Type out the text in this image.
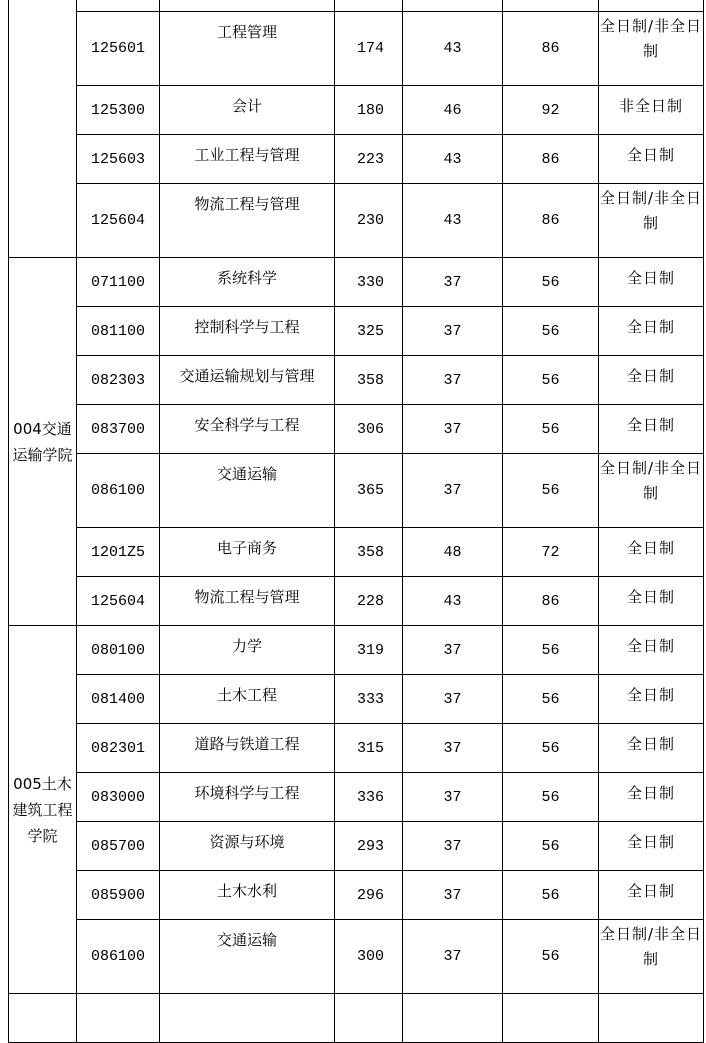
	125601	工程管理	174	43	86	全日制/非全日制
	125300	会计	180	46	92	非全日制
	125603	工业工程与管理	223	43	86	全日制
	125604	物流工程与管理	230	43	86	全日制/非全日制
004交通运输学院	071100	系统科学	330	37	56	全日制
	081100	控制科学与工程	325	37	56	全日制
	082303	交通运输规划与管理	358	37	56	全日制
	083700	安全科学与工程	306	37	56	全日制
	086100	交通运输	365	37	56	全日制/非全日制
	1201Z5	电子商务	358	48	72	全日制
	125604	物流工程与管理	228	43	86	全日制
005土木建筑工程学院	080100	力学	319	37	56	全日制
	081400	土木工程	333	37	56	全日制
	082301	道路与铁道工程	315	37	56	全日制
	083000	环境科学与工程	336	37	56	全日制
	085700	资源与环境	293	37	56	全日制
	085900	土木水利	296	37	56	全日制
	086100	交通运输	300	37	56	全日制/非全日制
